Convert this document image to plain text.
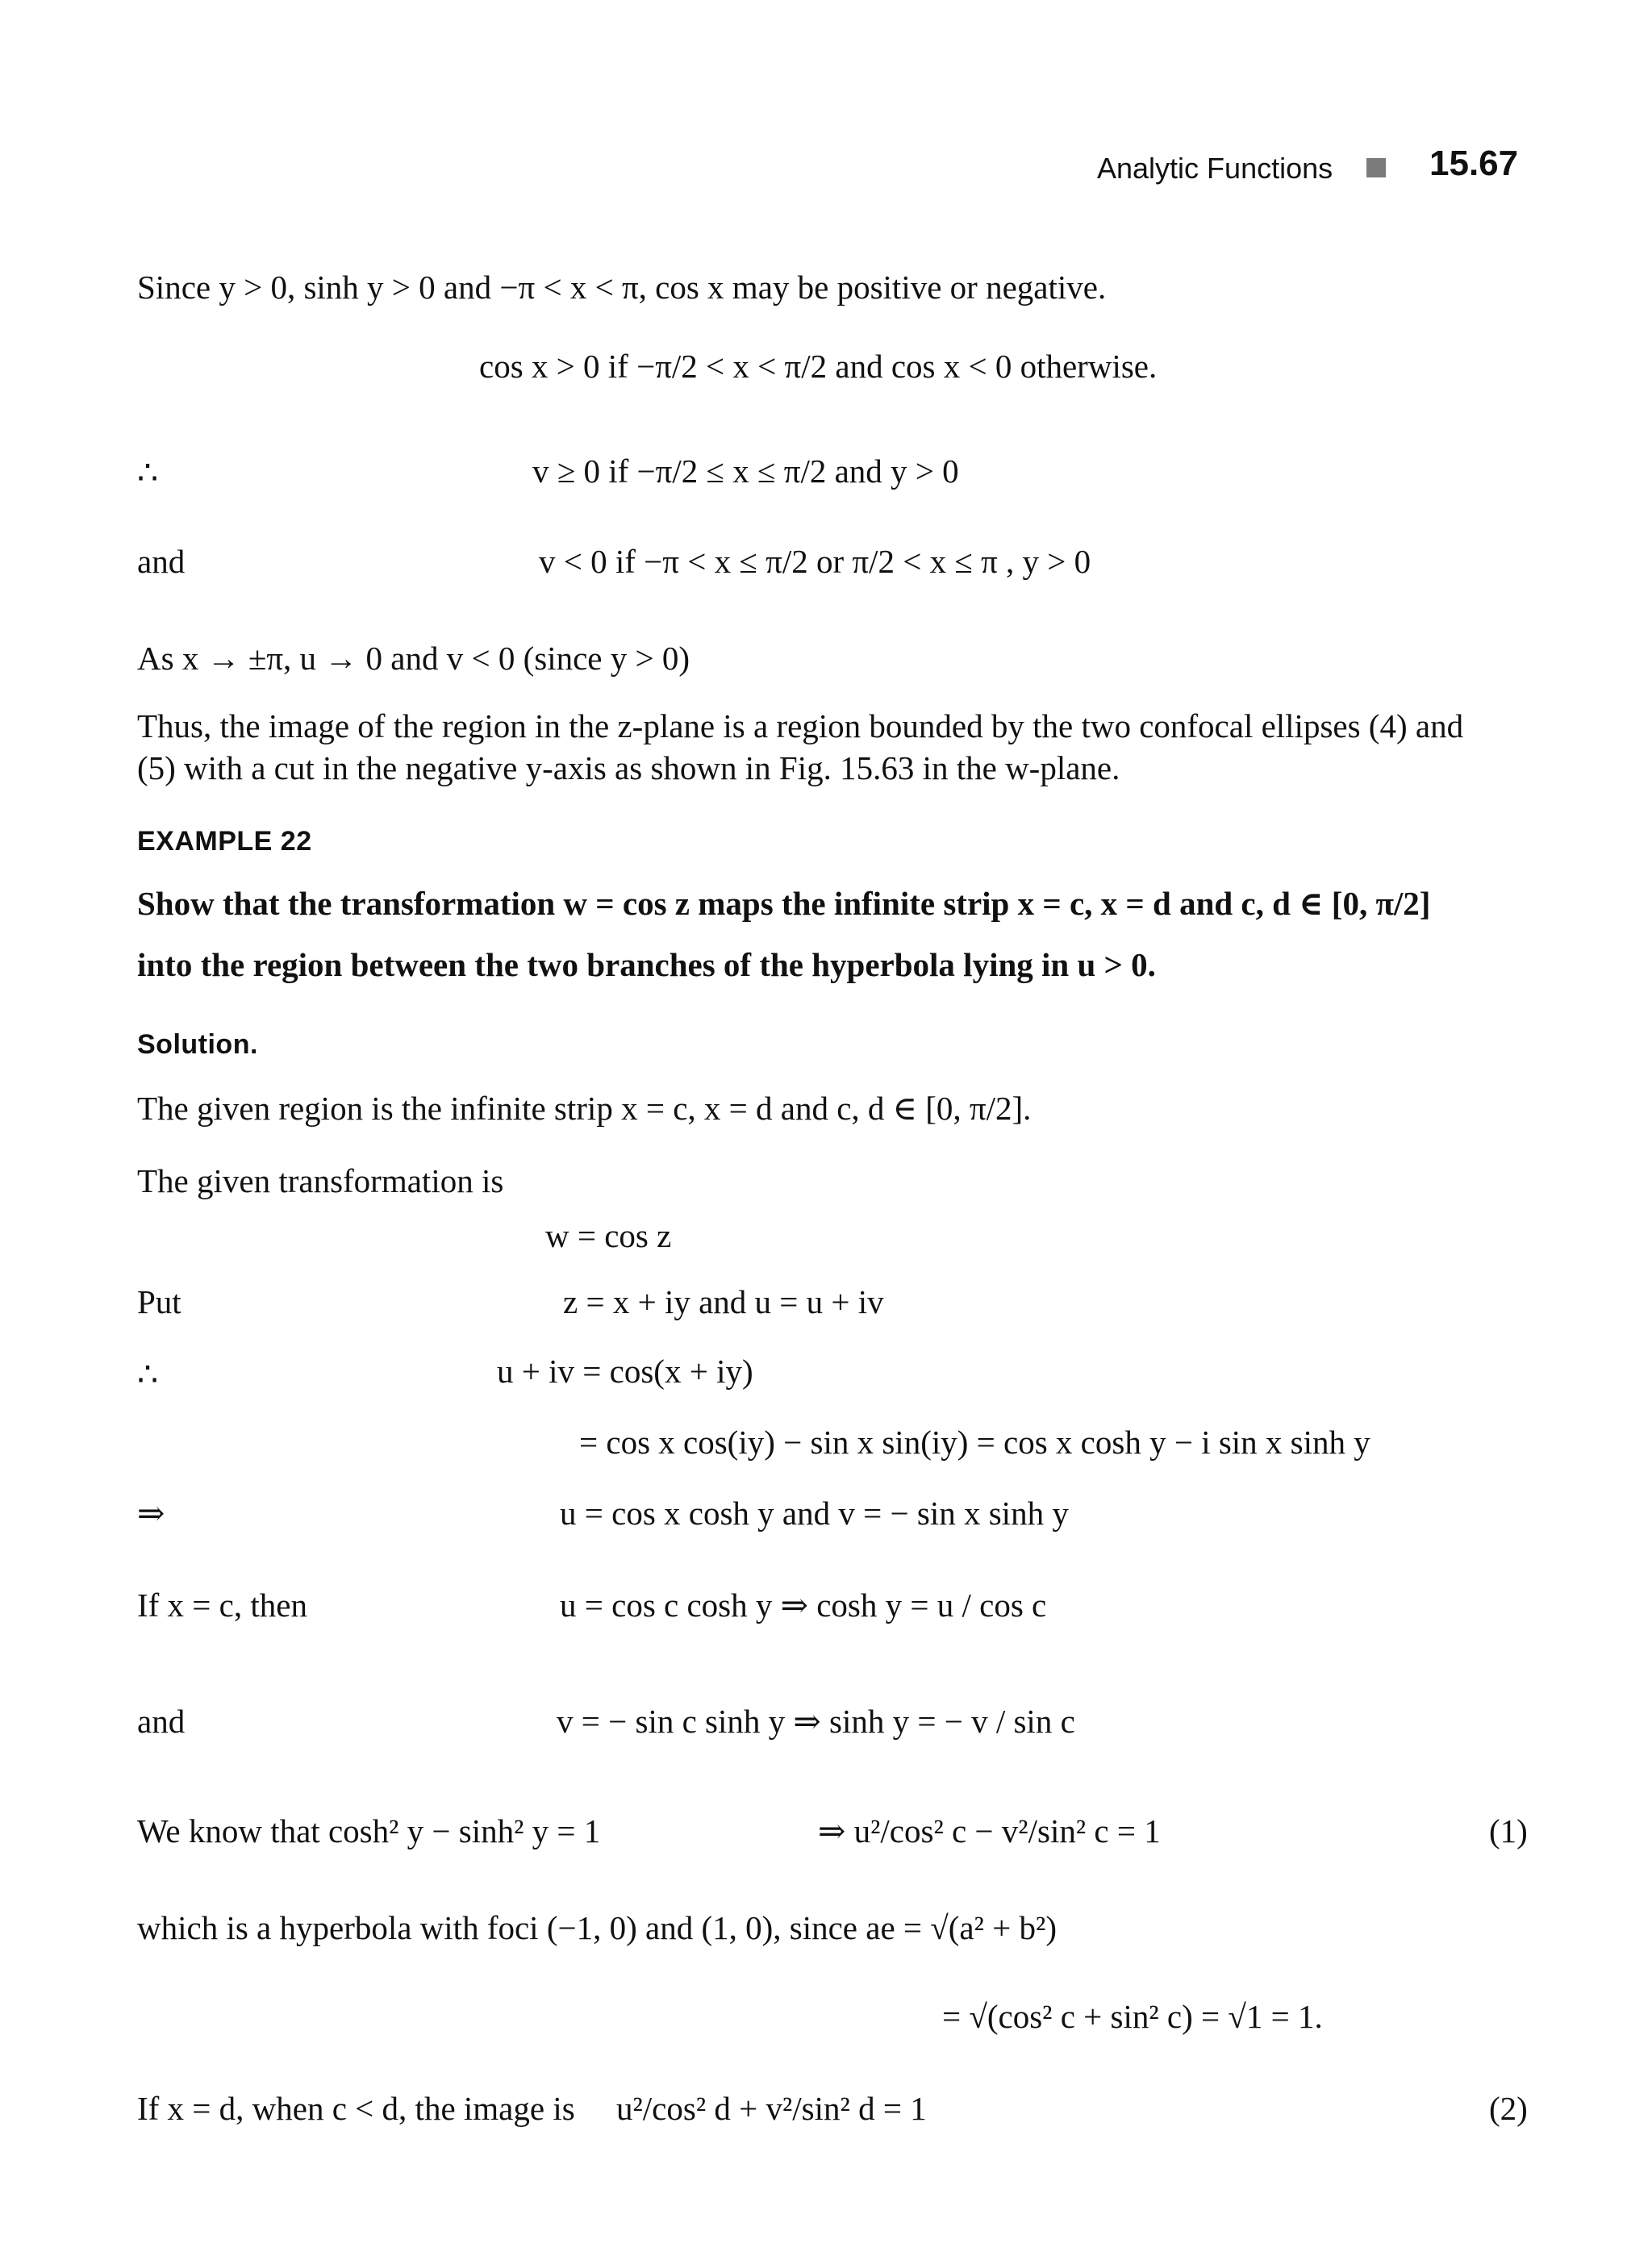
Analytic Functions	15.67
Since y > 0, sinh y > 0 and −π < x < π, cos x may be positive or negative.
cos x > 0 if −π/2 < x < π/2 and cos x < 0 otherwise.
∴	v ≥ 0 if −π/2 ≤ x ≤ π/2 and y > 0
and	v < 0 if −π < x ≤ π/2 or π/2 < x ≤ π , y > 0
As x → ±π, u → 0 and v < 0 (since y > 0)
Thus, the image of the region in the z-plane is a region bounded by the two confocal ellipses (4) and
(5) with a cut in the negative y-axis as shown in Fig. 15.63 in the w-plane.
EXAMPLE 22
Show that the transformation w = cos z maps the infinite strip x = c, x = d and c, d ∈ [0, π/2]
into the region between the two branches of the hyperbola lying in u > 0.
Solution.
The given region is the infinite strip x = c, x = d and c, d ∈ [0, π/2].
The given transformation is
w = cos z
Put	z = x + iy and u = u + iv
∴	u + iv = cos(x + iy)
= cos x cos(iy) − sin x sin(iy) = cos x cosh y − i sin x sinh y
⇒	u = cos x cosh y and v = − sin x sinh y
If x = c, then	u = cos c cosh y ⇒ cosh y = u / cos c
and	v = − sin c sinh y ⇒ sinh y = − v / sin c
We know that cosh² y − sinh² y = 1	⇒ u²/cos² c − v²/sin² c = 1	(1)
which is a hyperbola with foci (−1, 0) and (1, 0), since ae = √(a² + b²)
= √(cos² c + sin² c) = √1 = 1.
If x = d, when c < d, the image is u²/cos² d + v²/sin² d = 1	(2)
